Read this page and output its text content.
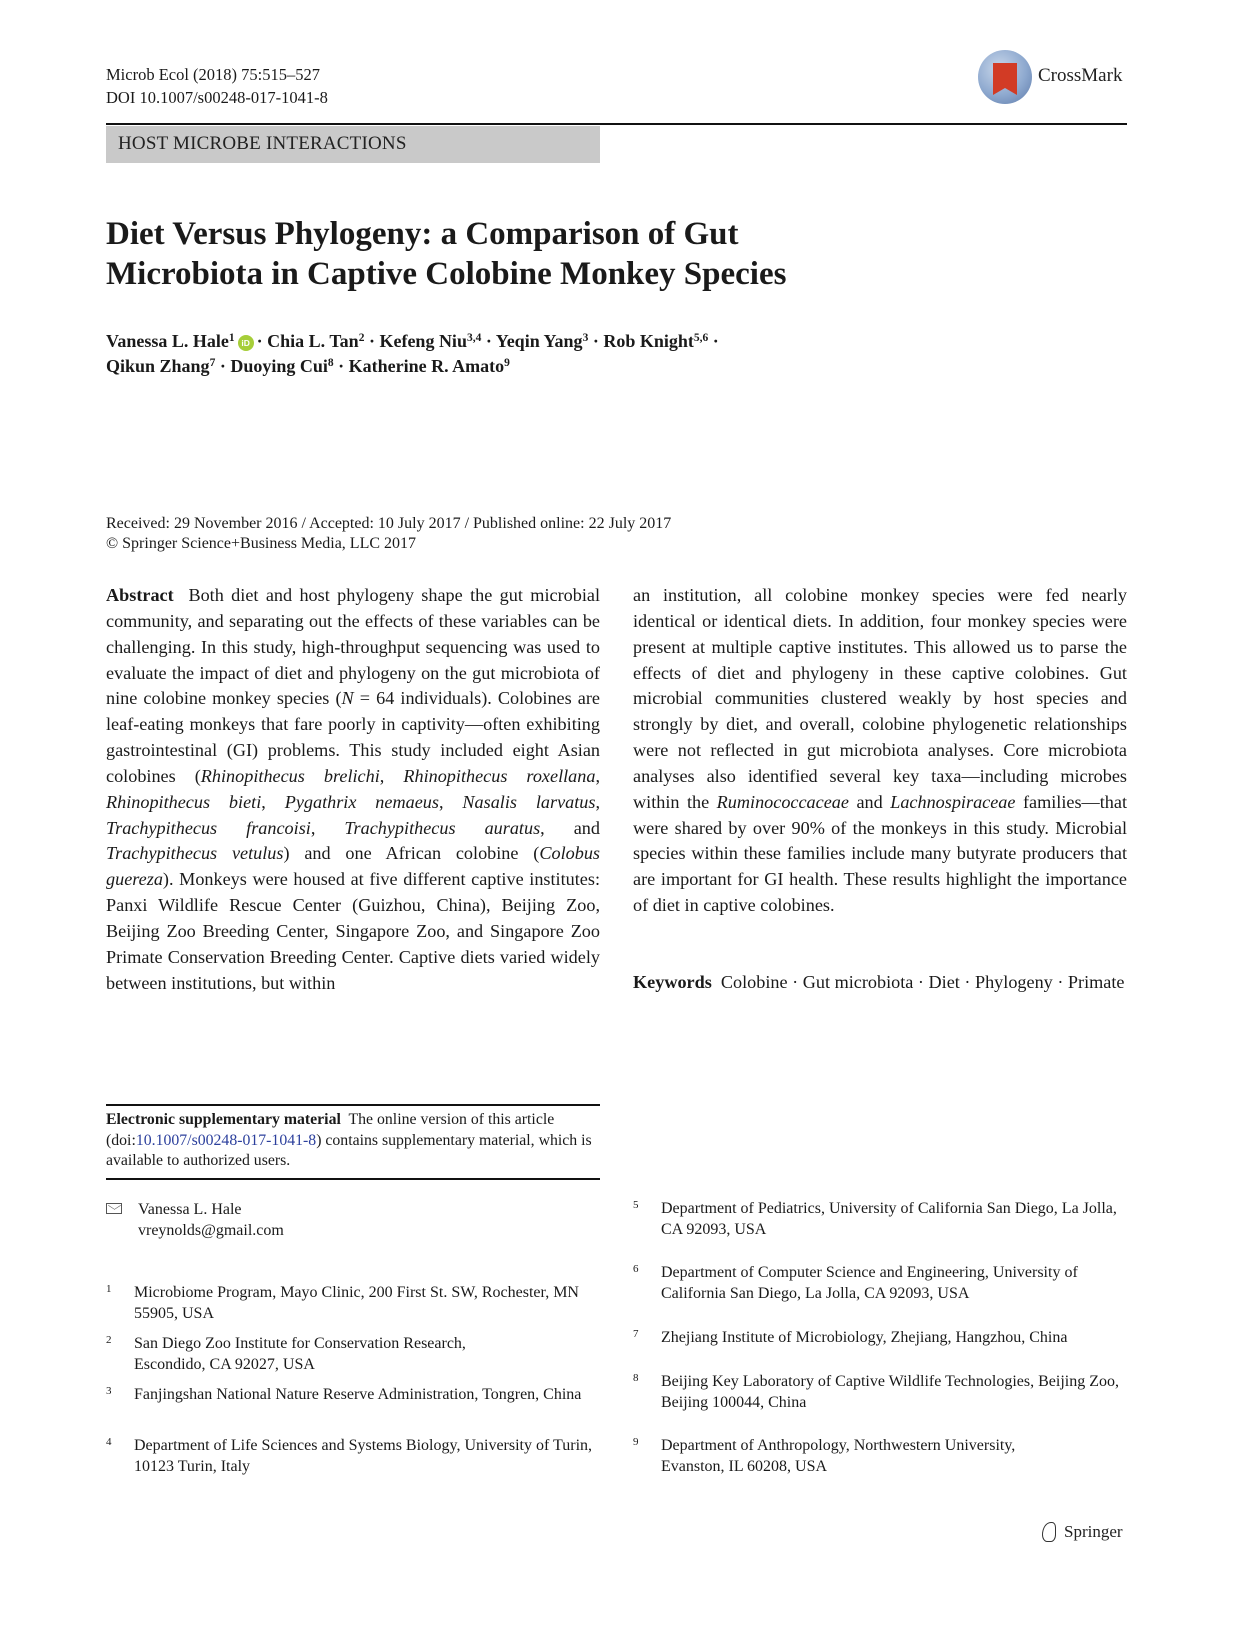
Microb Ecol (2018) 75:515–527
DOI 10.1007/s00248-017-1041-8
CrossMark
HOST MICROBE INTERACTIONS
Diet Versus Phylogeny: a Comparison of Gut
Microbiota in Captive Colobine Monkey Species
Vanessa L. Hale$^1$ iD · Chia L. Tan$^2$ · Kefeng Niu$^{3,4}$ · Yeqin Yang$^3$ · Rob Knight$^{5,6}$ ·
Qikun Zhang$^7$ · Duoying Cui$^8$ · Katherine R. Amato$^9$
Received: 29 November 2016 / Accepted: 10 July 2017 / Published online: 22 July 2017
© Springer Science+Business Media, LLC 2017
Abstract Both diet and host phylogeny shape the gut microbial community, and separating out the effects of these variables can be challenging. In this study, high-throughput sequencing was used to evaluate the impact of diet and phylogeny on the gut microbiota of nine colobine monkey species (N = 64 individuals). Colobines are leaf-eating monkeys that fare poorly in captivity—often exhibiting gastrointestinal (GI) problems. This study included eight Asian colobines (Rhinopithecus brelichi, Rhinopithecus roxellana, Rhinopithecus bieti, Pygathrix nemaeus, Nasalis larvatus, Trachypithecus francoisi, Trachypithecus auratus, and Trachypithecus vetulus) and one African colobine (Colobus guereza). Monkeys were housed at five different captive institutes: Panxi Wildlife Rescue Center (Guizhou, China), Beijing Zoo, Beijing Zoo Breeding Center, Singapore Zoo, and Singapore Zoo Primate Conservation Breeding Center. Captive diets varied widely between institutions, but within
an institution, all colobine monkey species were fed nearly identical or identical diets. In addition, four monkey species were present at multiple captive institutes. This allowed us to parse the effects of diet and phylogeny in these captive colobines. Gut microbial communities clustered weakly by host species and strongly by diet, and overall, colobine phylogenetic relationships were not reflected in gut microbiota analyses. Core microbiota analyses also identified several key taxa—including microbes within the Ruminococcaceae and Lachnospiraceae families—that were shared by over 90% of the monkeys in this study. Microbial species within these families include many butyrate producers that are important for GI health. These results highlight the importance of diet in captive colobines.
Keywords Colobine · Gut microbiota · Diet · Phylogeny · Primate
Electronic supplementary material The online version of this article (doi:10.1007/s00248-017-1041-8) contains supplementary material, which is available to authorized users.
Vanessa L. Hale
vreynolds@gmail.com
1 Microbiome Program, Mayo Clinic, 200 First St. SW, Rochester, MN 55905, USA
2 San Diego Zoo Institute for Conservation Research, Escondido, CA 92027, USA
3 Fanjingshan National Nature Reserve Administration, Tongren, China
4 Department of Life Sciences and Systems Biology, University of Turin, 10123 Turin, Italy
5 Department of Pediatrics, University of California San Diego, La Jolla, CA 92093, USA
6 Department of Computer Science and Engineering, University of California San Diego, La Jolla, CA 92093, USA
7 Zhejiang Institute of Microbiology, Zhejiang, Hangzhou, China
8 Beijing Key Laboratory of Captive Wildlife Technologies, Beijing Zoo, Beijing 100044, China
9 Department of Anthropology, Northwestern University, Evanston, IL 60208, USA
Springer
